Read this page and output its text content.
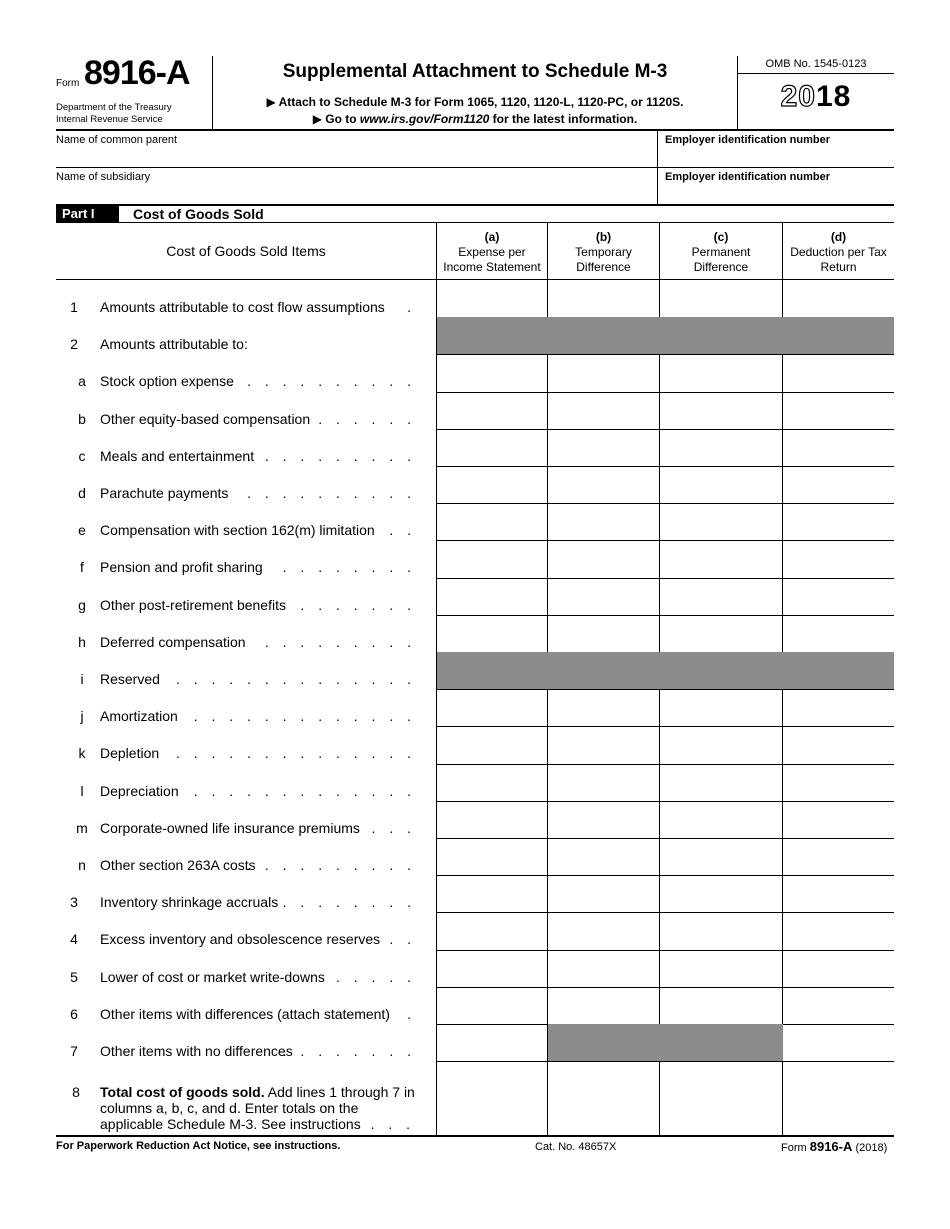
Form 8916-A
Department of the Treasury
Internal Revenue Service
Supplemental Attachment to Schedule M-3
▶ Attach to Schedule M-3 for Form 1065, 1120, 1120-L, 1120-PC, or 1120S.
▶ Go to www.irs.gov/Form1120 for the latest information.
OMB No. 1545-0123
2018
Name of common parent	Employer identification number
Name of subsidiary	Employer identification number
Part I	Cost of Goods Sold
Cost of Goods Sold Items
(a)
Expense per
Income Statement
(b)
Temporary
Difference
(c)
Permanent
Difference
(d)
Deduction per Tax
Return
1	Amounts attributable to cost flow assumptions .
2	Amounts attributable to:
a	Stock option expense
. . . . . . . . . . .
b	Other equity-based compensation . . . . . .
c	Meals and entertainment
. . . . . . . . . .
d	Parachute payments . . . . . . . . . .
e	Compensation with section 162(m) limitation . .
f	Pension and profit sharing . . . . . . . .
g	Other post-retirement benefits . . . . . . .
h	Deferred compensation . . . . . . . . .
i	Reserved . . . . . . . . . . . . . .
j	Amortization . . . . . . . . . . . . .
k	Depletion . . . . . . . . . . . . . .
l	Depreciation . . . . . . . . . . . . .
m Corporate-owned life insurance premiums . . .
n	Other section 263A costs
. . . . . . . . . .
3	Inventory shrinkage accruals
. . . . . . . . .
4	Excess inventory and obsolescence reserves . .
5	Lower of cost or market write-downs . . . . .
6	Other items with differences (attach statement) .
7	Other items with no differences
. . . . . . . .
8	Total cost of goods sold. Add lines 1 through 7 in
columns a, b, c, and d. Enter totals on the
applicable Schedule M-3. See instructions . . .
For Paperwork Reduction Act Notice, see instructions.	Cat. No. 48657X	Form 8916-A (2018)
